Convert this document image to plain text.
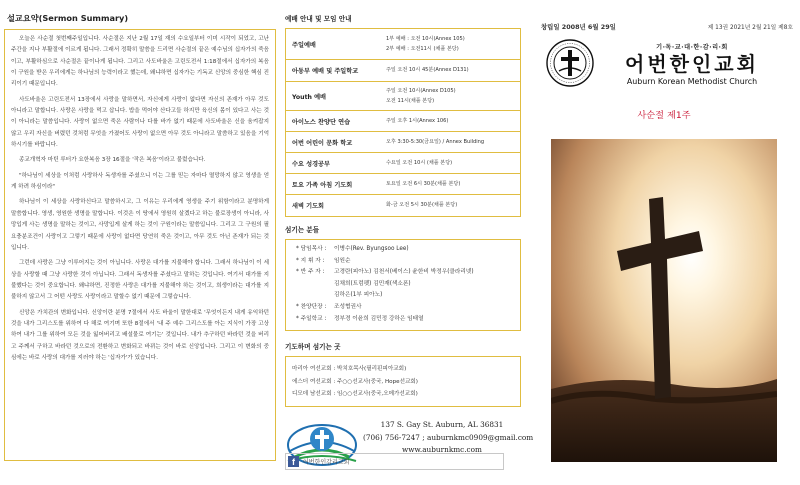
설교요약(Sermon Summary)

오늘은 사순절 첫번째주일입니다. 사순절은 지난 2월 17일 재의 수요일부터 이미 시작이 되었고, 고난주간을 지나 부활절에 이르게 됩니다. 그래서 정확히 말씀을 드리면 사순절의 끝은 예수님의 십자가의 죽음이고, 부활하심으로 사순절은 끝이나게 됩니다. 그리고 사도바울은 고린도전서 1:18절에서 십자가의 복음이 구원을 받은 우리에게는 하나님의 능력이라고 했는데, 왜냐하면 십자가는 기독교 신앙의 중심한 핵심 진리이기 때문입니다.

사도바울은 고린도전서 13장에서 사랑을 말하면서, 자신에게 사랑이 없다면 자신의 존재가 아무 것도 아니라고 말합니다. 사랑은 사랑을 먹고 삽니다. 밥을 먹어야 산다고들 하지만 육신의 몸이 있다고 사는 것이 아니라는 말씀입니다. 사랑이 없으면 죽은 사람이나 다를 바가 없기 때문에 사도바울은 신을 움켜잡지 않고 우리 자신을 버렸던 것처럼 무엇을 가졌어도 사랑이 없으면 아무 것도 아니라고 말씀하고 있음을 기억하시기를 바랍니다.

종교개혁자 마틴 루터가 요한복음 3장 16절을 '작은 복음'이라고 불렀습니다.

"하나님이 세상을 이처럼 사랑하사 독생자를 주셨으니 이는 그를 믿는 자마다 멸망하지 않고 영생을 얻게 하려 하심이라"

하나님이 이 세상을 사랑하신다고 말씀하시고, 그 이유는 우리에게 영생을 주기 위함이라고 분명하게 말씀합니다. 영생, 영원한 생명을 말합니다. 이것은 이 땅에서 영원히 살겠다고 하는 불로장생이 아니라, 사망입게 사는 생명을 말하는 것이고, 사망입게 살게 하는 것이 구원이라는 말씀입니다. 그리고 그 구원의 필요충분조건이 사랑이고 그렇기 때문에 사랑이 없다면 당연히 죽은 것이고, 아무 것도 아닌 존재가 되는 것입니다.

그런데 사랑은 그냥 이루어지는 것이 아닙니다. 사랑은 대가를 지불해야 합니다. 그래서 하나님이 이 세상을 사랑할 때 그냥 사랑한 것이 아닙니다. 그래서 독생자를 주셨다고 말하는 것입니다. 여기서 대가를 지불했다는 것이 중요합니다. 왜냐하면, 진정한 사랑은 대가를 지불해야 하는 것이고, 희생이라는 대가를 지불하지 않고서 그 어떤 사랑도 사랑이라고 말할수 없기 때문에 그렇습니다.

신앙은 가치관의 변화입니다. 신앙이란 분명 7절에서 사도 바울이 말한대로 '무엇이든지 내게 유익하던 것을 내가 그리스도를 위하여 다 해로 여기며 또한 8절에서 '내 주 예수 그리스도를 아는 지식이 가장 고상하여 내가 그를 위하여 모든 것을 잃어버리고 배설물로 여기는' 것입니다. 내가 추구하던 바라던 것을 버리고 주께서 구하고 바라던 것으로의 전환하고 변화되고 바뀌는 것이 바로 신앙입니다. 그리고 이 변화의 중심에는 바로 사랑의 대가를 지러야 하는 '십자가'가 있습니다.

예배 안내 및 모임 안내
주일예배
1부 예배 : 오전 10시(Annex 105)
2부 예배 : 오전11시 (채플 본당)
아동부 예배 및 주일학교	주일 오전 10시 45분(Annex D131)
Youth 예배
주일 오전 10시(Annex D105)
오전 11시(채플 본당)
아이노스 찬양단 연습	주일 오후 1시(Annex 106)
어번 어린이 문화 학교	오후 3:30-5:30(금요일) / Annex Building
수요 성경공부	수요일 오전 10시 (채플 본당)
토요 가족 아침 기도회	토요일 오전 6시 30분(채플 본당)
새벽 기도회	화-금 오전 5시 30분(채플 본당)
섬기는 분들
* 담임목사 :	이병수(Rev. Byungsoo Lee)
* 지 휘 자 :	임원순
* 반 주 자 :	고경란(피아노) 김천서(베이스) 윤한비 박정우(클라리넷)
김채희(트럼펫) 김민재(색소폰)
김하은(1부 피아노)
* 찬양단장 :	조성협권사
* 주일학교 :	정부경 이윤희 김민정 강하은 임태열
기도하며 섬기는 곳
마리아 여선교회 : 박치호목사(필리핀피아교회)
에스더 여선교회 : 주○○선교사(중국, Hope선교회)
디모데 남선교회 : 임○○선교사(중국,오메가선교회)
137 S. Gay St. Auburn, AL 36831
(706) 756-7247 ; auburnkmc0909@gmail.com
www.auburnkmc.com
f	어번한인감리교회
창립일 2008년 6월 29일	제 13권 2021년 2월 21일 제8호
기·독·교·대·한·감·리·회
어번한인교회
Auburn Korean Methodist Church
사순절 제1주
